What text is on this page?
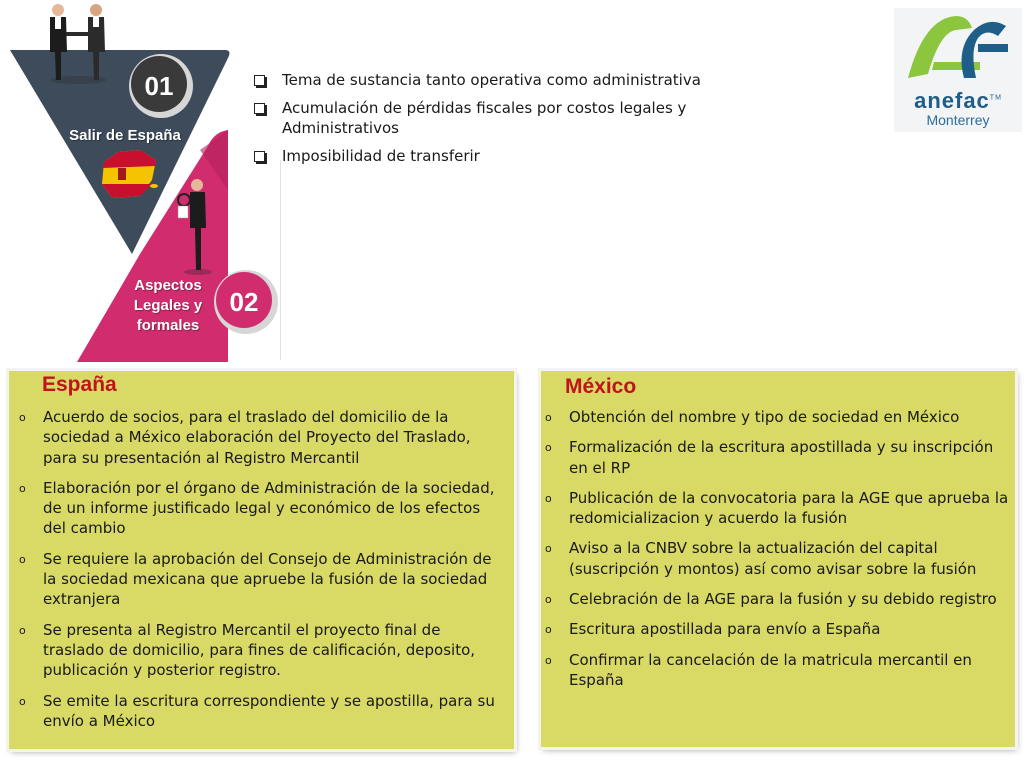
01
02
Salir de España
Aspectos
Legales y
formales
Tema de sustancia tanto operativa como administrativa
Acumulación de pérdidas fiscales por costos legales y Administrativos
Imposibilidad de transferir
anefac™
Monterrey
España
o Acuerdo de socios, para el traslado del domicilio de la sociedad a México elaboración del Proyecto del Traslado, para su presentación al Registro Mercantil
o Elaboración por el órgano de Administración de la sociedad, de un informe justificado legal y económico de los efectos del cambio
o Se requiere la aprobación del Consejo de Administración de la sociedad mexicana que apruebe la fusión de la sociedad extranjera
o Se presenta al Registro Mercantil el proyecto final de traslado de domicilio, para fines de calificación, deposito, publicación y posterior registro.
o Se emite la escritura correspondiente y se apostilla, para su envío a México
México
o Obtención del nombre y tipo de sociedad en México
o Formalización de la escritura apostillada y su inscripción en el RP
o Publicación de la convocatoria para la AGE que aprueba la redomicializacion y acuerdo la fusión
o Aviso a la CNBV sobre la actualización del capital (suscripción y montos) así como avisar sobre la fusión
o Celebración de la AGE para la fusión y su debido registro
o Escritura apostillada para envío a España
o Confirmar la cancelación de la matricula mercantil en España
